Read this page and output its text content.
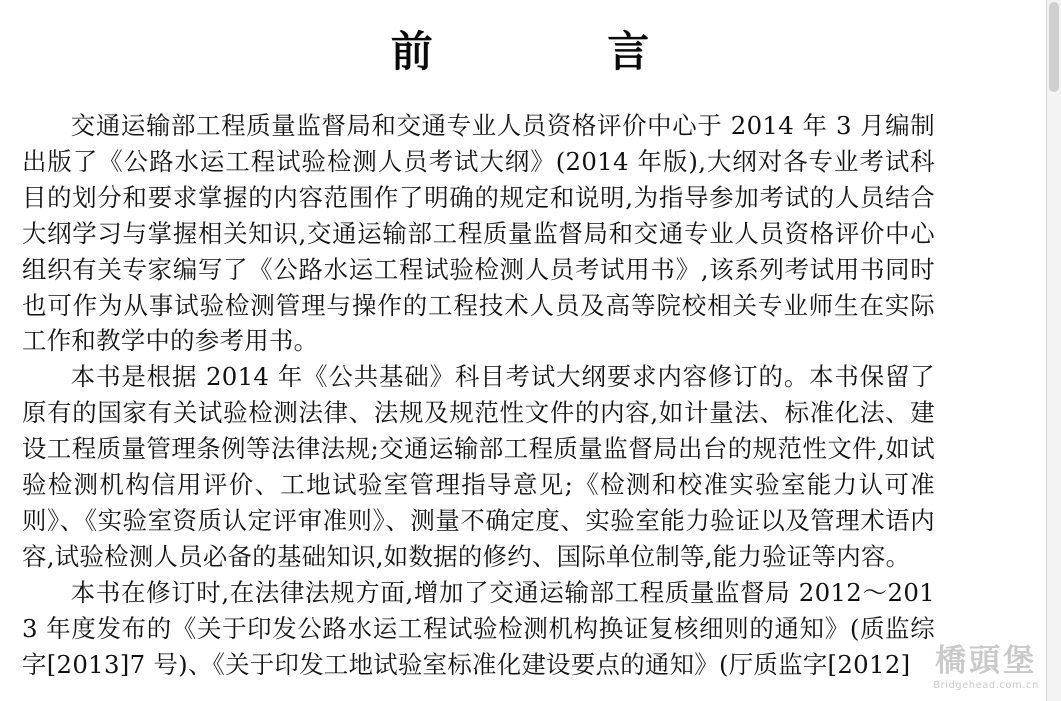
前 言

交通运输部工程质量监督局和交通专业人员资格评价中心于 2014 年 3 月编制出版了《公路水运工程试验检测人员考试大纲》(2014 年版),大纲对各专业考试科目的划分和要求掌握的内容范围作了明确的规定和说明,为指导参加考试的人员结合大纲学习与掌握相关知识,交通运输部工程质量监督局和交通专业人员资格评价中心组织有关专家编写了《公路水运工程试验检测人员考试用书》,该系列考试用书同时也可作为从事试验检测管理与操作的工程技术人员及高等院校相关专业师生在实际工作和教学中的参考用书。

本书是根据 2014 年《公共基础》科目考试大纲要求内容修订的。本书保留了原有的国家有关试验检测法律、法规及规范性文件的内容,如计量法、标准化法、建设工程质量管理条例等法律法规;交通运输部工程质量监督局出台的规范性文件,如试验检测机构信用评价、工地试验室管理指导意见;《检测和校准实验室能力认可准则》、《实验室资质认定评审准则》、测量不确定度、实验室能力验证以及管理术语内容,试验检测人员必备的基础知识,如数据的修约、国际单位制等,能力验证等内容。

本书在修订时,在法律法规方面,增加了交通运输部工程质量监督局 2012～2013 年度发布的《关于印发公路水运工程试验检测机构换证复核细则的通知》(质监综字[2013]7 号)、《关于印发工地试验室标准化建设要点的通知》(厅质监字[2012] 橋頭堡
Bridgehead.com.cn
